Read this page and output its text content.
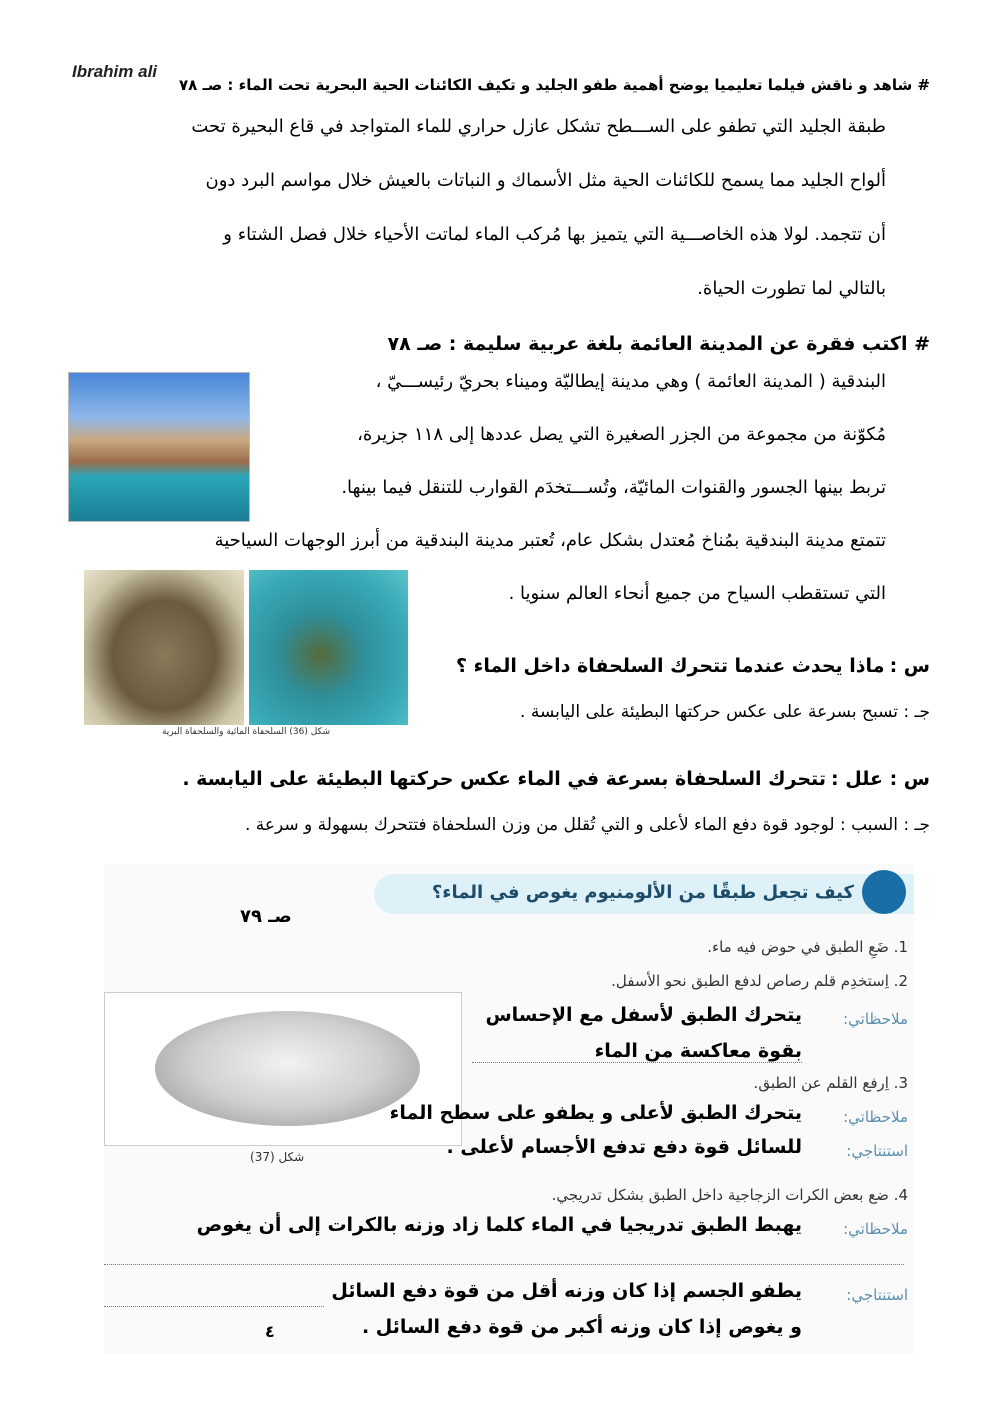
Ibrahim ali
# شاهد و ناقش فيلما تعليميا يوضح أهمية طفو الجليد و تكيف الكائنات الحية البحرية تحت الماء : صـ ٧٨
طبقة الجليد التي تطفو على الســـطح تشكل عازل حراري للماء المتواجد في قاع البحيرة تحت
ألواح الجليد مما يسمح للكائنات الحية مثل الأسماك و النباتات بالعيش خلال مواسم البرد دون
أن تتجمد. لولا هذه الخاصـــية التي يتميز بها مُركب الماء لماتت الأحياء خلال فصل الشتاء و
بالتالي لما تطورت الحياة.
# اكتب فقرة عن المدينة العائمة بلغة عربية سليمة : صـ ٧٨
البندقية ( المدينة العائمة ) وهي مدينة إيطاليّة وميناء بحريّ رئيســـيّ ،
مُكوّنة من مجموعة من الجزر الصغيرة التي يصل عددها إلى ١١٨ جزيرة،
تربط بينها الجسور والقنوات المائيّة، وتُســـتخدَم القوارب للتنقل فيما بينها.
تتمتع مدينة البندقية بمُناخ مُعتدل بشكل عام، تُعتبر مدينة البندقية من أبرز الوجهات السياحية
التي تستقطب السياح من جميع أنحاء العالم سنويا .
شكل (36) السلحفاة المائية والسلحفاة البرية
س : ماذا يحدث عندما تتحرك السلحفاة داخل الماء ؟
جـ : تسبح بسرعة على عكس حركتها البطيئة على اليابسة .
س : علل : تتحرك السلحفاة بسرعة في الماء عكس حركتها البطيئة على اليابسة .
جـ : السبب : لوجود قوة دفع الماء لأعلى و التي تُقلل من وزن السلحفاة فتتحرك بسهولة و سرعة .
كيف تجعل طبقًا من الألومنيوم يغوص في الماء؟
صـ ٧٩
1. ضَعِ الطبق في حوض فيه ماء.
2. اِستخدِم قلم رصاص لدفع الطبق نحو الأسفل.
ملاحظاتي:
يتحرك الطبق لأسفل مع الإحساس
بقوة معاكسة من الماء
شكل (37)
3. اِرفع القلم عن الطبق.
ملاحظاتي:
يتحرك الطبق لأعلى و يطفو على سطح الماء
استنتاجي:
للسائل قوة دفع تدفع الأجسام لأعلى .
4. ضع بعض الكرات الزجاجية داخل الطبق بشكل تدريجي.
ملاحظاتي:
يهبط الطبق تدريجيا في الماء كلما زاد وزنه بالكرات إلى أن يغوص
استنتاجي:
يطفو الجسم إذا كان وزنه أقل من قوة دفع السائل
و يغوص إذا كان وزنه أكبر من قوة دفع السائل .
٤
